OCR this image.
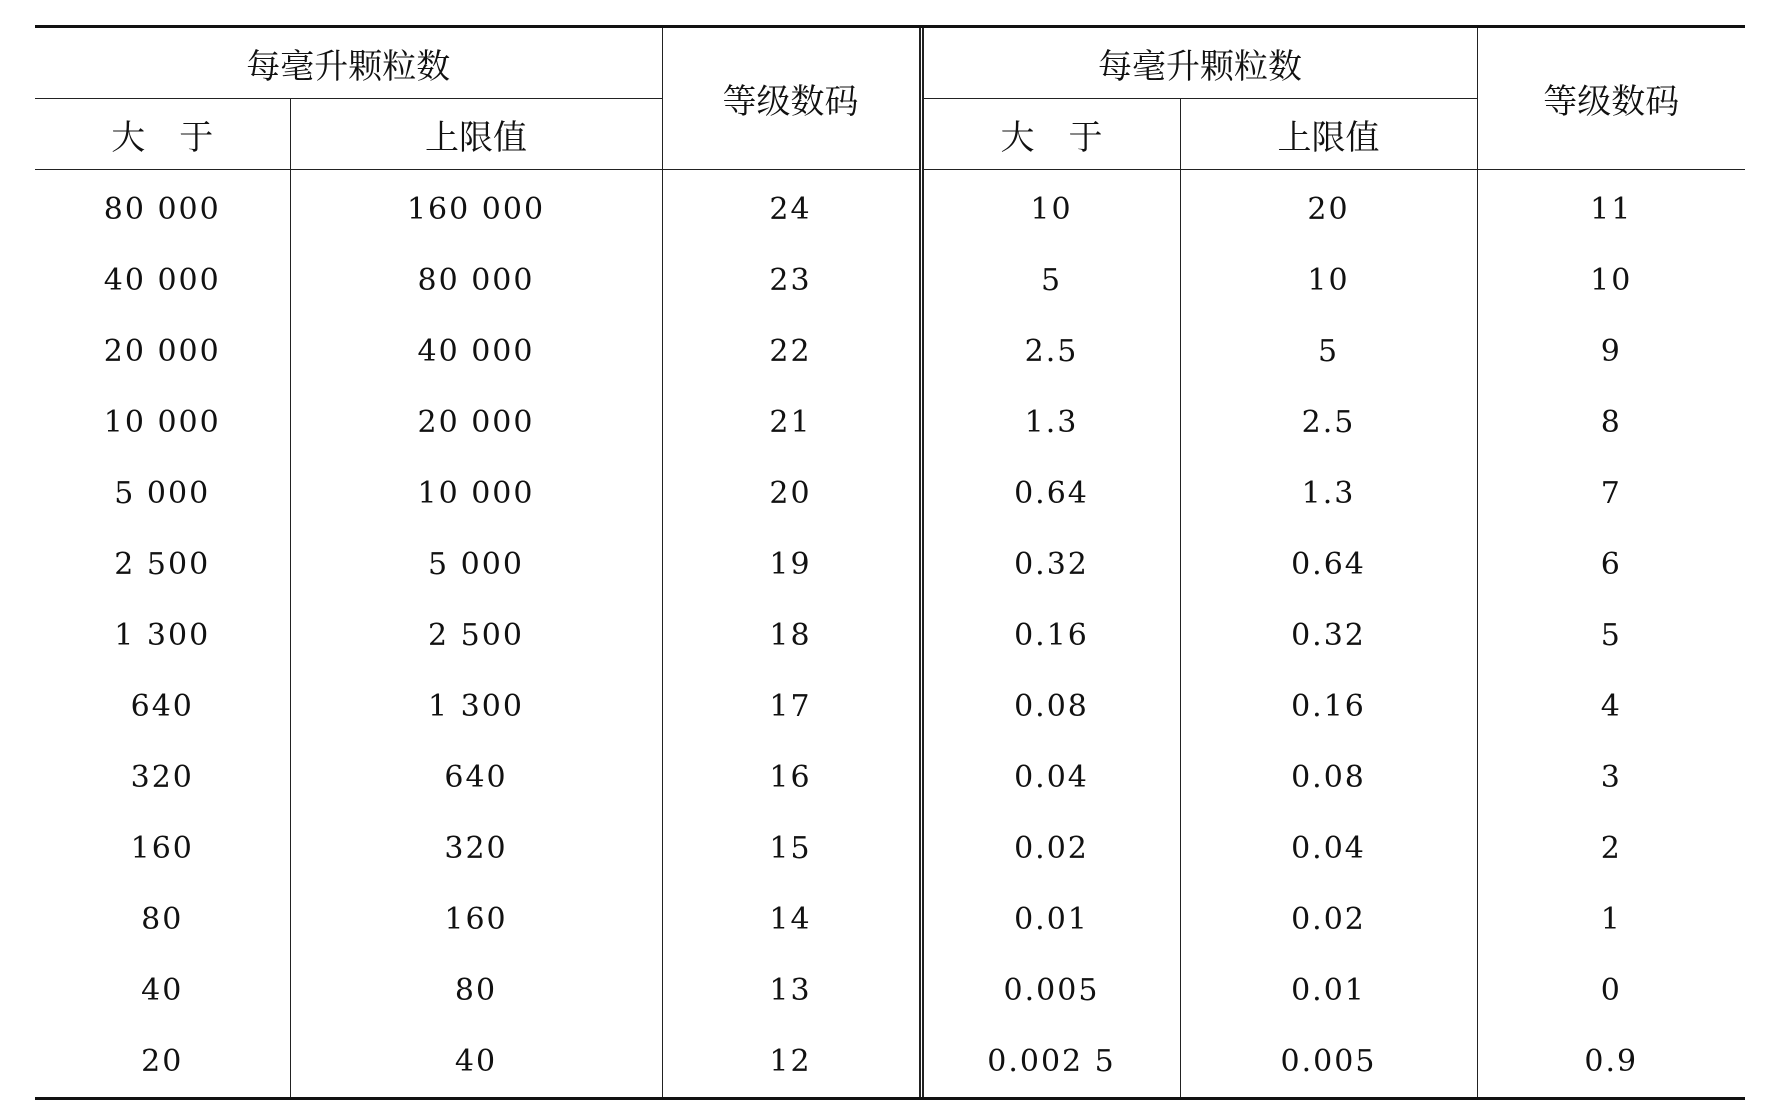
每毫升颗粒数		等级数码	每毫升颗粒数		等级数码
大　于	上限值		大　于	上限值	
80 000	160 000	24	10	20	11
40 000	80 000	23	5	10	10
20 000	40 000	22	2.5	5	9
10 000	20 000	21	1.3	2.5	8
5 000	10 000	20	0.64	1.3	7
2 500	5 000	19	0.32	0.64	6
1 300	2 500	18	0.16	0.32	5
640	1 300	17	0.08	0.16	4
320	640	16	0.04	0.08	3
160	320	15	0.02	0.04	2
80	160	14	0.01	0.02	1
40	80	13	0.005	0.01	0
20	40	12	0.002 5	0.005	0.9
